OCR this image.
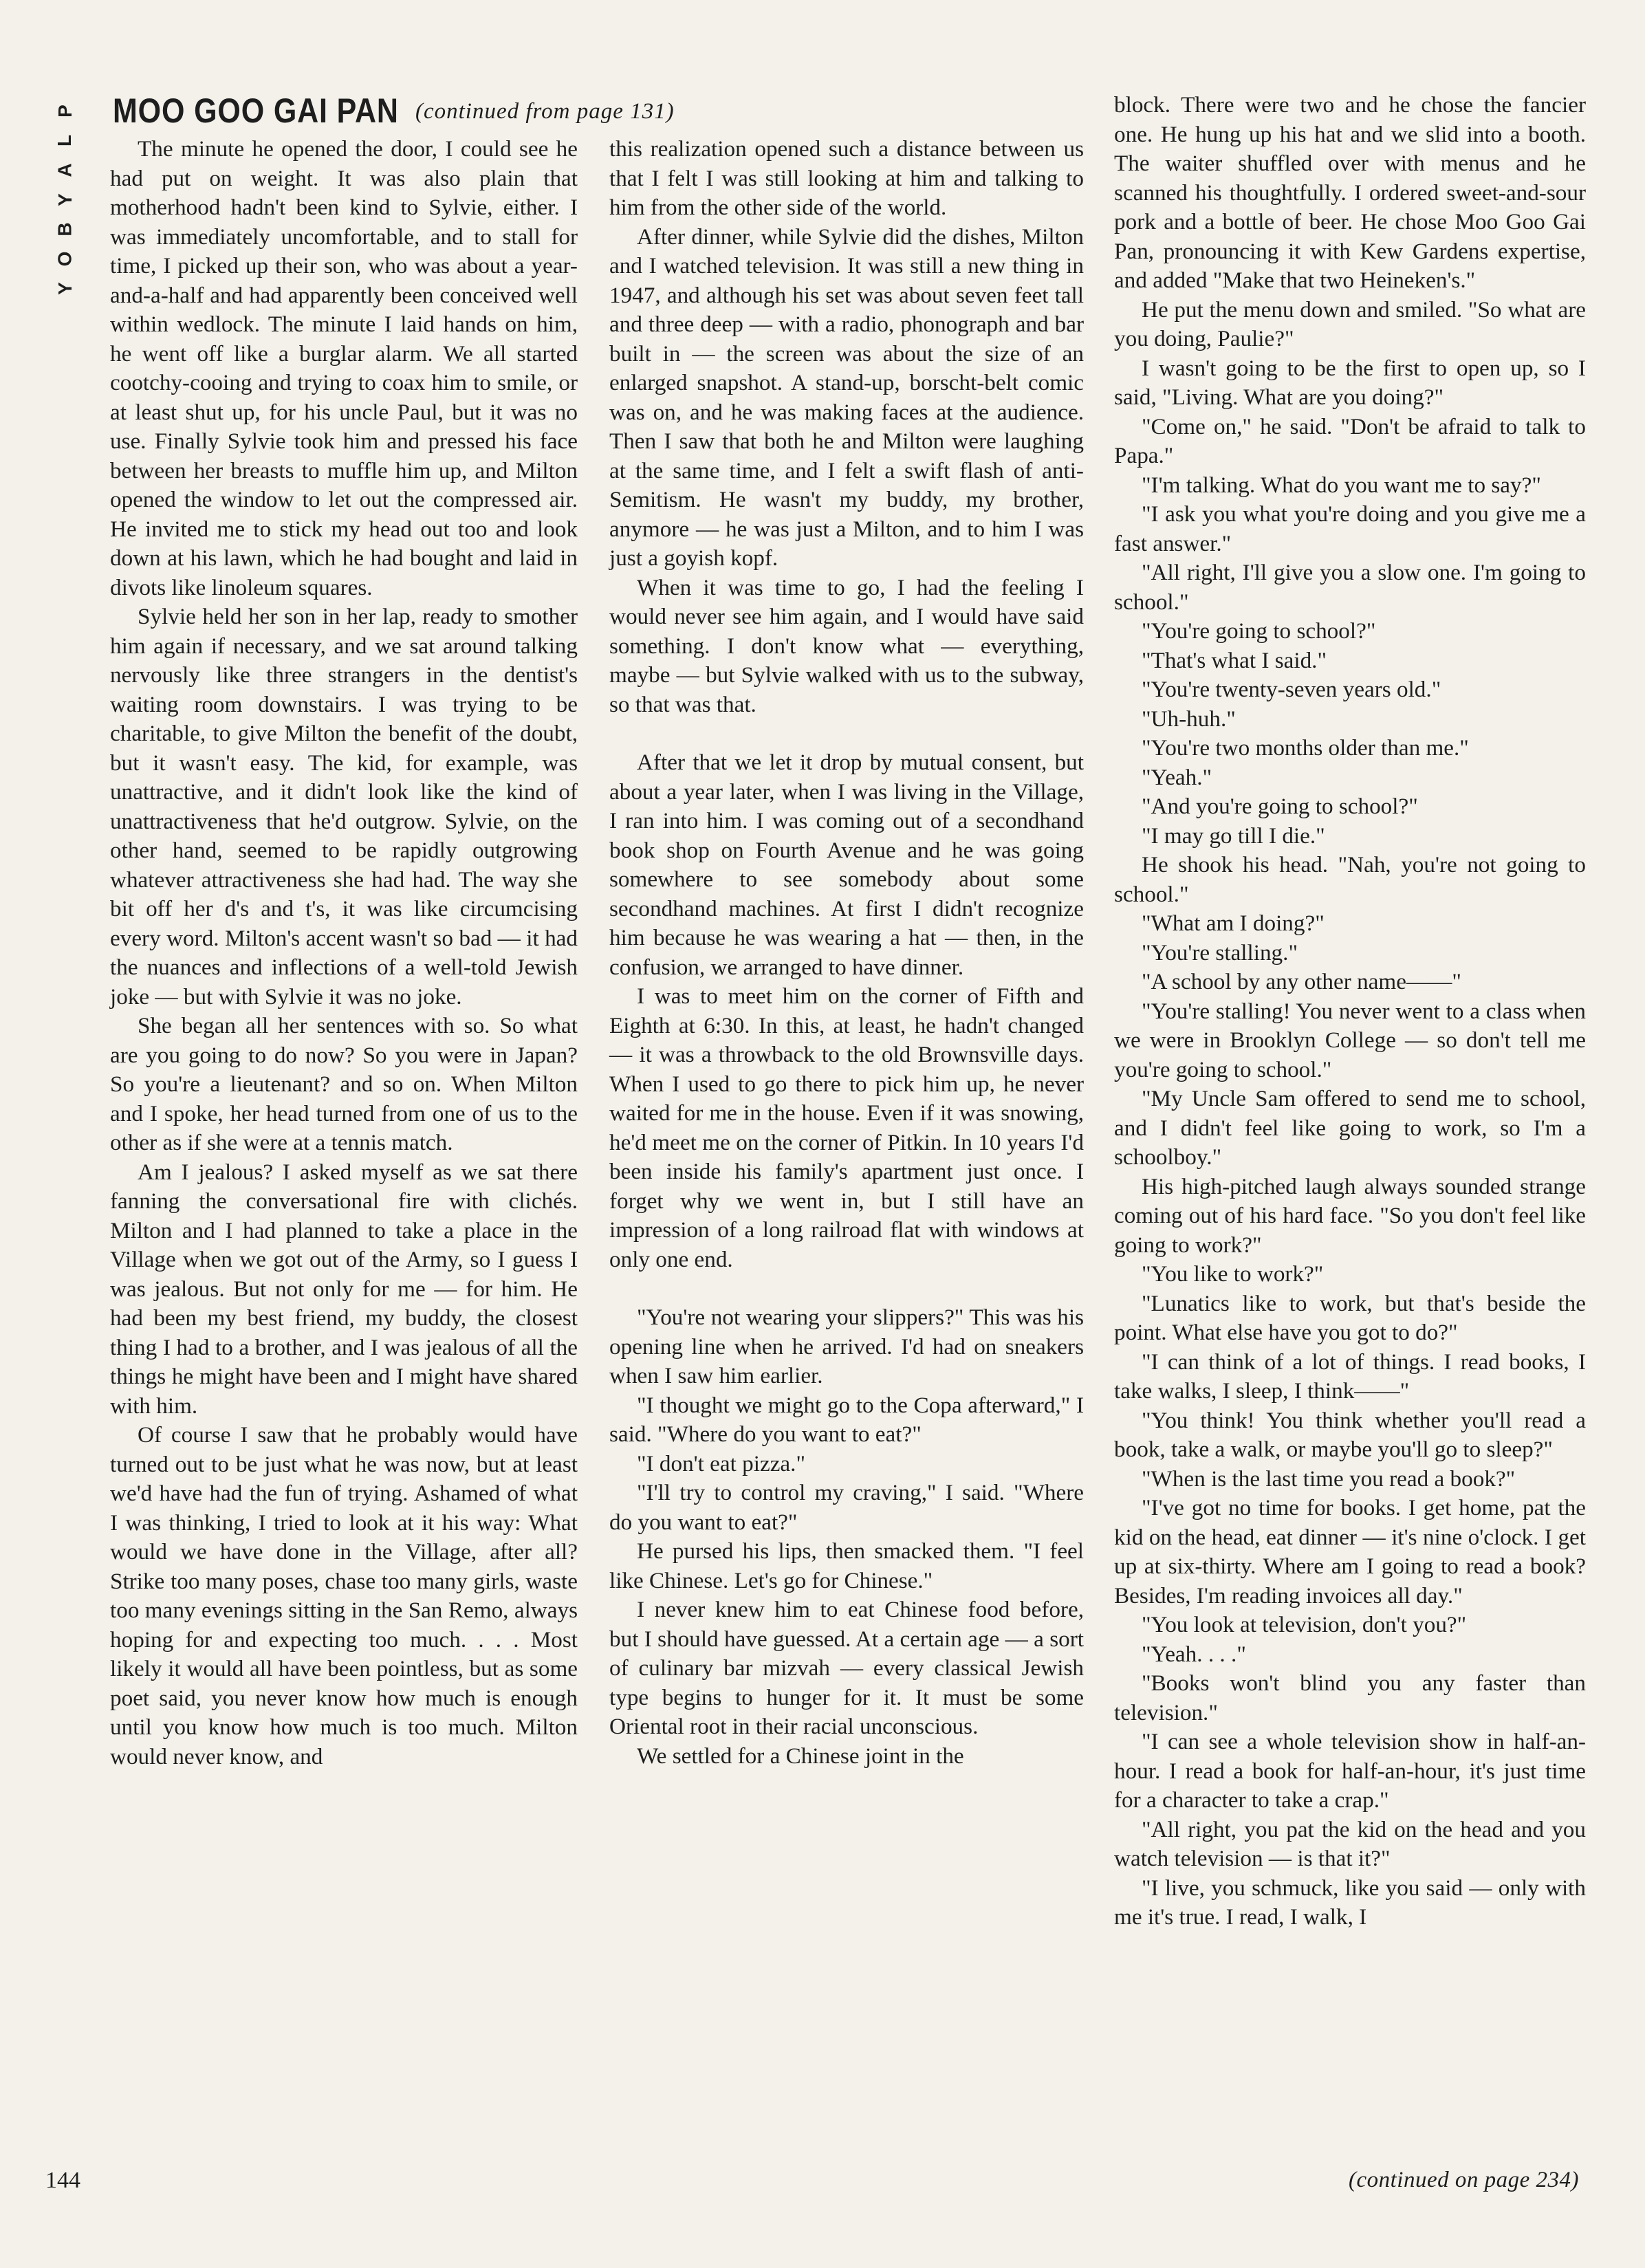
P
L
A
Y
B
O
Y
MOO GOO GAI PAN (continued from page 131)

The minute he opened the door, I could see he had put on weight. It was also plain that motherhood hadn't been kind to Sylvie, either. I was immediately uncomfortable, and to stall for time, I picked up their son, who was about a year-and-a-half and had apparently been conceived well within wedlock. The minute I laid hands on him, he went off like a burglar alarm. We all started cootchy-cooing and trying to coax him to smile, or at least shut up, for his uncle Paul, but it was no use. Finally Sylvie took him and pressed his face between her breasts to muffle him up, and Milton opened the window to let out the compressed air. He invited me to stick my head out too and look down at his lawn, which he had bought and laid in divots like linoleum squares.

Sylvie held her son in her lap, ready to smother him again if necessary, and we sat around talking nervously like three strangers in the dentist's waiting room downstairs. I was trying to be charitable, to give Milton the benefit of the doubt, but it wasn't easy. The kid, for example, was unattractive, and it didn't look like the kind of unattractiveness that he'd outgrow. Sylvie, on the other hand, seemed to be rapidly outgrowing whatever attractiveness she had had. The way she bit off her d's and t's, it was like circumcising every word. Milton's accent wasn't so bad — it had the nuances and inflections of a well-told Jewish joke — but with Sylvie it was no joke.

She began all her sentences with so. So what are you going to do now? So you were in Japan? So you're a lieutenant? and so on. When Milton and I spoke, her head turned from one of us to the other as if she were at a tennis match.

Am I jealous? I asked myself as we sat there fanning the conversational fire with clichés. Milton and I had planned to take a place in the Village when we got out of the Army, so I guess I was jealous. But not only for me — for him. He had been my best friend, my buddy, the closest thing I had to a brother, and I was jealous of all the things he might have been and I might have shared with him.

Of course I saw that he probably would have turned out to be just what he was now, but at least we'd have had the fun of trying. Ashamed of what I was thinking, I tried to look at it his way: What would we have done in the Village, after all? Strike too many poses, chase too many girls, waste too many evenings sitting in the San Remo, always hoping for and expecting too much. . . . Most likely it would all have been pointless, but as some poet said, you never know how much is enough until you know how much is too much. Milton would never know, and

this realization opened such a distance between us that I felt I was still looking at him and talking to him from the other side of the world.

After dinner, while Sylvie did the dishes, Milton and I watched television. It was still a new thing in 1947, and although his set was about seven feet tall and three deep — with a radio, phonograph and bar built in — the screen was about the size of an enlarged snapshot. A stand-up, borscht-belt comic was on, and he was making faces at the audience. Then I saw that both he and Milton were laughing at the same time, and I felt a swift flash of anti-Semitism. He wasn't my buddy, my brother, anymore — he was just a Milton, and to him I was just a goyish kopf.

When it was time to go, I had the feeling I would never see him again, and I would have said something. I don't know what — everything, maybe — but Sylvie walked with us to the subway, so that was that.

After that we let it drop by mutual consent, but about a year later, when I was living in the Village, I ran into him. I was coming out of a secondhand book shop on Fourth Avenue and he was going somewhere to see somebody about some secondhand machines. At first I didn't recognize him because he was wearing a hat — then, in the confusion, we arranged to have dinner.

I was to meet him on the corner of Fifth and Eighth at 6:30. In this, at least, he hadn't changed — it was a throwback to the old Brownsville days. When I used to go there to pick him up, he never waited for me in the house. Even if it was snowing, he'd meet me on the corner of Pitkin. In 10 years I'd been inside his family's apartment just once. I forget why we went in, but I still have an impression of a long railroad flat with windows at only one end.

"You're not wearing your slippers?" This was his opening line when he arrived. I'd had on sneakers when I saw him earlier.

"I thought we might go to the Copa afterward," I said. "Where do you want to eat?"

"I don't eat pizza."

"I'll try to control my craving," I said. "Where do you want to eat?"

He pursed his lips, then smacked them. "I feel like Chinese. Let's go for Chinese."

I never knew him to eat Chinese food before, but I should have guessed. At a certain age — a sort of culinary bar mizvah — every classical Jewish type begins to hunger for it. It must be some Oriental root in their racial unconscious.

We settled for a Chinese joint in the

block. There were two and he chose the fancier one. He hung up his hat and we slid into a booth. The waiter shuffled over with menus and he scanned his thoughtfully. I ordered sweet-and-sour pork and a bottle of beer. He chose Moo Goo Gai Pan, pronouncing it with Kew Gardens expertise, and added "Make that two Heineken's."

He put the menu down and smiled. "So what are you doing, Paulie?"

I wasn't going to be the first to open up, so I said, "Living. What are you doing?"

"Come on," he said. "Don't be afraid to talk to Papa."

"I'm talking. What do you want me to say?"

"I ask you what you're doing and you give me a fast answer."

"All right, I'll give you a slow one. I'm going to school."

"You're going to school?"

"That's what I said."

"You're twenty-seven years old."

"Uh-huh."

"You're two months older than me."

"Yeah."

"And you're going to school?"

"I may go till I die."

He shook his head. "Nah, you're not going to school."

"What am I doing?"

"You're stalling."

"A school by any other name——"

"You're stalling! You never went to a class when we were in Brooklyn College — so don't tell me you're going to school."

"My Uncle Sam offered to send me to school, and I didn't feel like going to work, so I'm a schoolboy."

His high-pitched laugh always sounded strange coming out of his hard face. "So you don't feel like going to work?"

"You like to work?"

"Lunatics like to work, but that's beside the point. What else have you got to do?"

"I can think of a lot of things. I read books, I take walks, I sleep, I think——"

"You think! You think whether you'll read a book, take a walk, or maybe you'll go to sleep?"

"When is the last time you read a book?"

"I've got no time for books. I get home, pat the kid on the head, eat dinner — it's nine o'clock. I get up at six-thirty. Where am I going to read a book? Besides, I'm reading invoices all day."

"You look at television, don't you?"

"Yeah. . . ."

"Books won't blind you any faster than television."

"I can see a whole television show in half-an-hour. I read a book for half-an-hour, it's just time for a character to take a crap."

"All right, you pat the kid on the head and you watch television — is that it?"

"I live, you schmuck, like you said — only with me it's true. I read, I walk, I

144	(continued on page 234)
